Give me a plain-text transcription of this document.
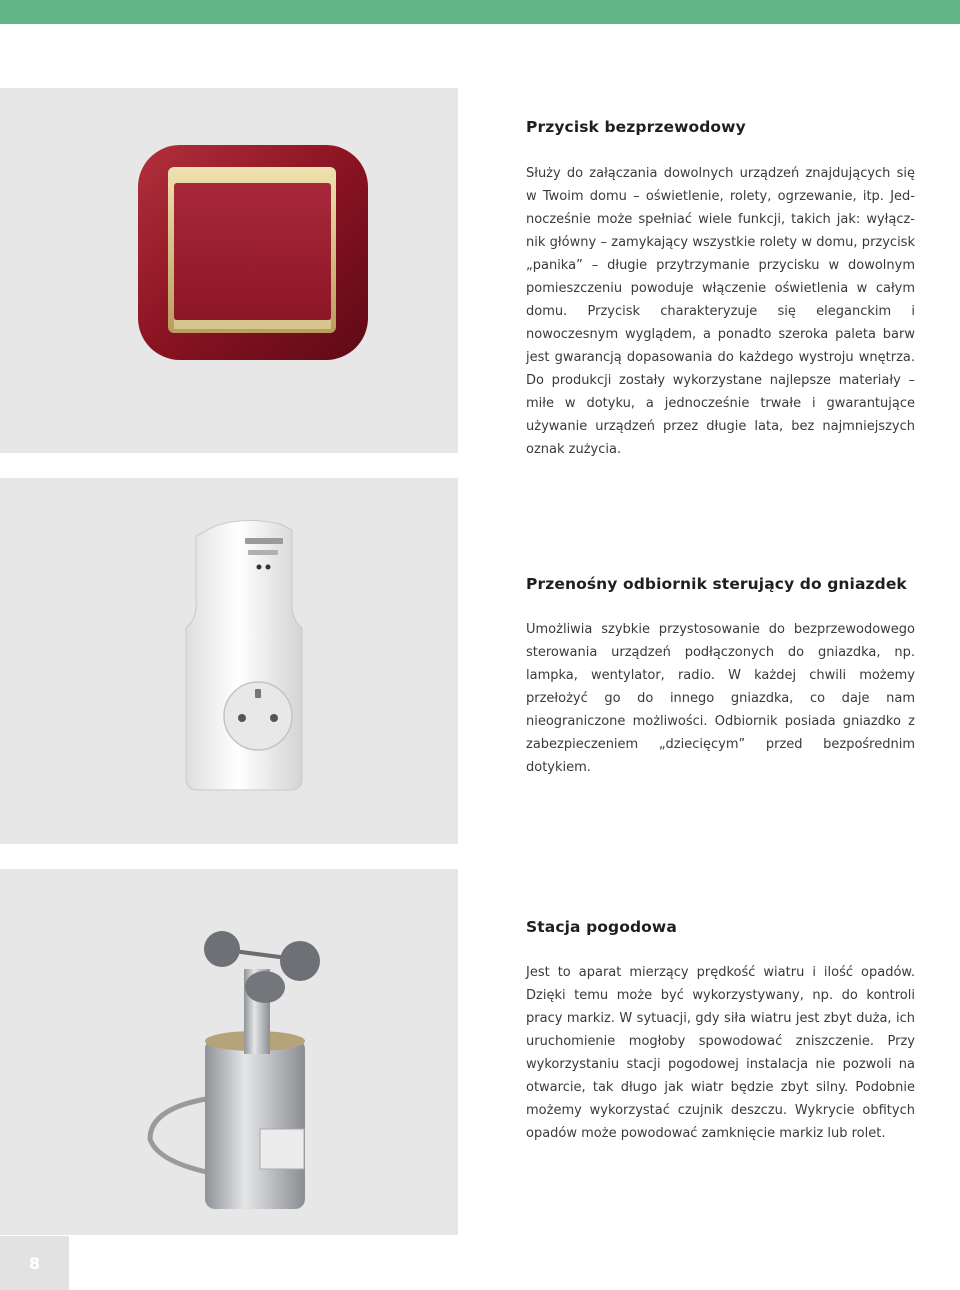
Przycisk bezprzewodowy

Służy do załączania dowolnych urządzeń znajdujących się w Twoim domu – oświetlenie, rolety, ogrzewanie, itp. Jednocześnie może spełniać wiele funkcji, takich jak: wyłącznik główny – zamykający wszystkie rolety w domu, przycisk „panika” – długie przytrzymanie przycisku w dowolnym pomieszczeniu powoduje włączenie oświetlenia w całym domu. Przycisk charakteryzuje się eleganckim i nowoczesnym wyglądem, a ponadto szeroka paleta barw jest gwarancją dopasowania do każdego wystroju wnętrza. Do produkcji zostały wykorzystane najlepsze materiały – miłe w dotyku, a jednocześnie trwałe i gwarantujące używanie urządzeń przez długie lata, bez najmniejszych oznak zużycia.

Przenośny odbiornik sterujący do gniazdek

Umożliwia szybkie przystosowanie do bezprzewodowego sterowania urządzeń podłączonych do gniazdka, np. lampka, wentylator, radio. W każdej chwili możemy przełożyć go do innego gniazdka, co daje nam nieograniczone możliwości. Odbiornik posiada gniazdko z zabezpieczeniem „dziecięcym” przed bezpośrednim dotykiem.

Stacja pogodowa

Jest to aparat mierzący prędkość wiatru i ilość opadów. Dzięki temu może być wykorzystywany, np. do kontroli pracy markiz. W sytuacji, gdy siła wiatru jest zbyt duża, ich uruchomienie mogłoby spowodować zniszczenie. Przy wykorzystaniu stacji pogodowej instalacja nie pozwoli na otwarcie, tak długo jak wiatr będzie zbyt silny. Podobnie możemy wykorzystać czujnik deszczu. Wykrycie obfitych opadów może powodować zamknięcie markiz lub rolet.

8
